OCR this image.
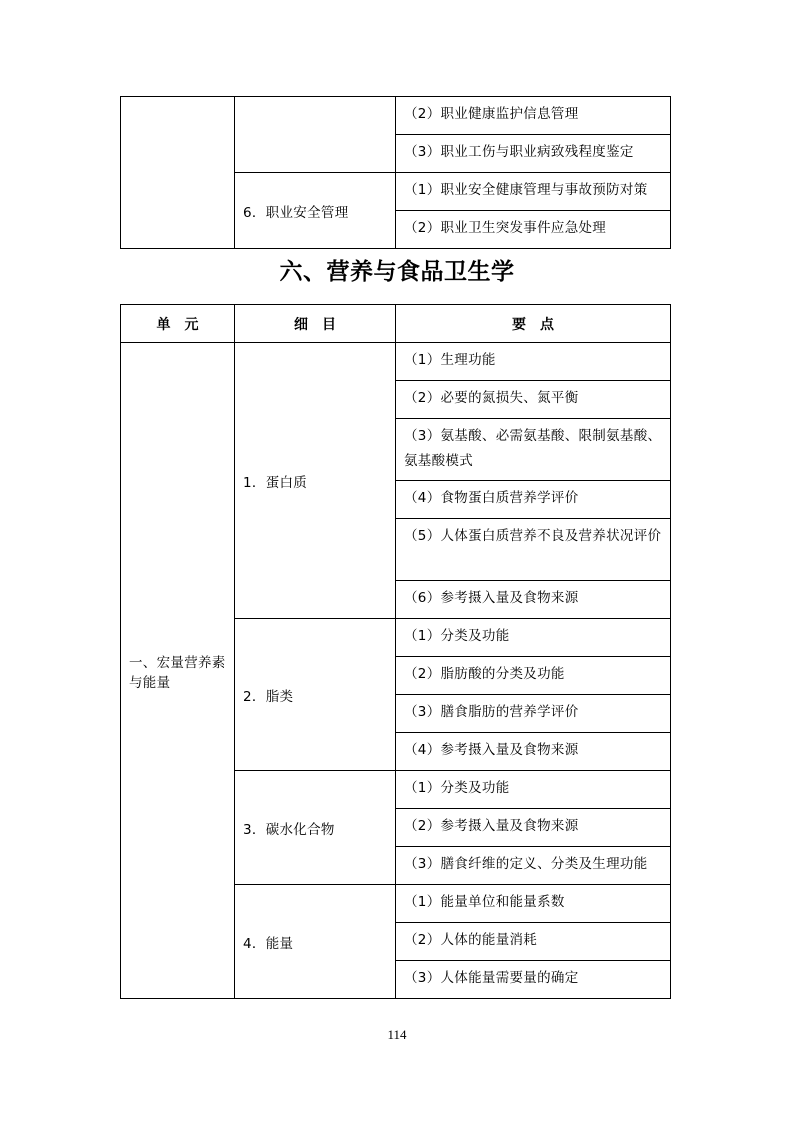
		（2）职业健康监护信息管理
		（3）职业工伤与职业病致残程度鉴定
	6．职业安全管理	（1）职业安全健康管理与事故预防对策
		（2）职业卫生突发事件应急处理
六、营养与食品卫生学
单　元	细　目	要　点
一、宏量营养素与能量	1．蛋白质	（1）生理功能
		（2）必要的氮损失、氮平衡
		（3）氨基酸、必需氨基酸、限制氨基酸、氨基酸模式
		（4）食物蛋白质营养学评价
		（5）人体蛋白质营养不良及营养状况评价
		（6）参考摄入量及食物来源
	2．脂类	（1）分类及功能
		（2）脂肪酸的分类及功能
		（3）膳食脂肪的营养学评价
		（4）参考摄入量及食物来源
	3．碳水化合物	（1）分类及功能
		（2）参考摄入量及食物来源
		（3）膳食纤维的定义、分类及生理功能
	4．能量	（1）能量单位和能量系数
		（2）人体的能量消耗
		（3）人体能量需要量的确定
114
